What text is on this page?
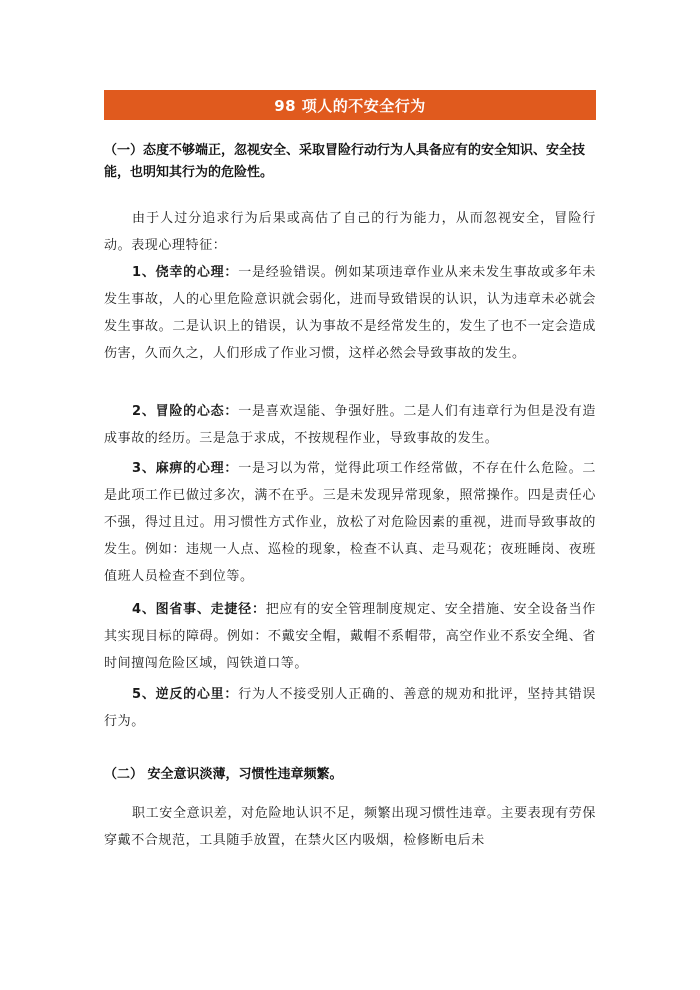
98 项人的不安全行为
（一）态度不够端正，忽视安全、采取冒险行动行为人具备应有的安全知识、安全技能，也明知其行为的危险性。
由于人过分追求行为后果或高估了自己的行为能力，从而忽视安全，冒险行动。表现心理特征：
1、侥幸的心理：一是经验错误。例如某项违章作业从来未发生事故或多年未发生事故，人的心里危险意识就会弱化，进而导致错误的认识，认为违章未必就会发生事故。二是认识上的错误，认为事故不是经常发生的，发生了也不一定会造成伤害，久而久之，人们形成了作业习惯，这样必然会导致事故的发生。
2、冒险的心态：一是喜欢逞能、争强好胜。二是人们有违章行为但是没有造成事故的经历。三是急于求成，不按规程作业，导致事故的发生。
3、麻痹的心理：一是习以为常，觉得此项工作经常做，不存在什么危险。二是此项工作已做过多次，满不在乎。三是未发现异常现象，照常操作。四是责任心不强，得过且过。用习惯性方式作业，放松了对危险因素的重视，进而导致事故的发生。例如：违规一人点、巡检的现象，检查不认真、走马观花；夜班睡岗、夜班值班人员检查不到位等。
4、图省事、走捷径：把应有的安全管理制度规定、安全措施、安全设备当作其实现目标的障碍。例如：不戴安全帽，戴帽不系帽带，高空作业不系安全绳、省时间擅闯危险区域，闯铁道口等。
5、逆反的心里：行为人不接受别人正确的、善意的规劝和批评，坚持其错误行为。
（二） 安全意识淡薄，习惯性违章频繁。
职工安全意识差，对危险地认识不足，频繁出现习惯性违章。主要表现有劳保穿戴不合规范，工具随手放置，在禁火区内吸烟，检修断电后未
